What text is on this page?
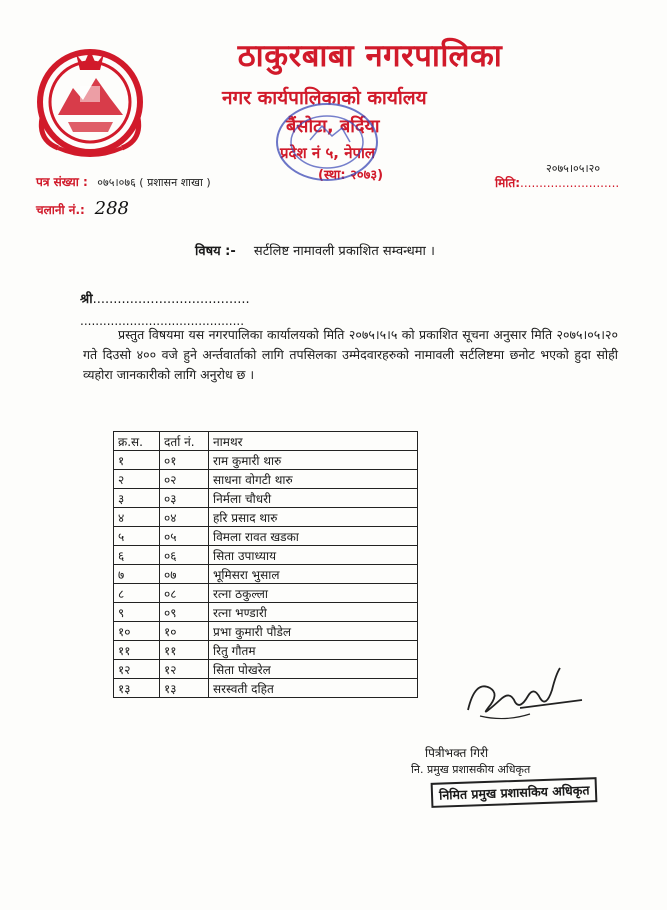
ठाकुरबाबा नगरपालिका
नगर कार्यपालिकाको कार्यालय
बैंसोटा, बर्दिया
प्रदेश नं ५, नेपाल
(स्था: २०७३)
पत्र संख्या : ०७५।०७६ ( प्रशासन शाखा )
२०७५।०५।२०
मिति:..........................
चलानी नं.: 288
विषय :- सर्टलिष्ट नामावली प्रकाशित सम्वन्धमा ।
श्री......................................
...........................................
प्रस्तुत विषयमा यस नगरपालिका कार्यालयको मिति २०७५।५।५ को प्रकाशित सूचना अनुसार मिति २०७५।०५।२० गते दिउसो ४०० वजे हुने अर्न्तवार्ताको लागि तपसिलका उम्मेदवारहरुको नामावली सर्टलिष्टमा छनोट भएको हुदा सोही व्यहोरा जानकारीको लागि अनुरोध छ ।
क्र.स.	दर्ता नं.	नामथर
१	०१	राम कुमारी थारु
२	०२	साधना वोगटी थारु
३	०३	निर्मला चौधरी
४	०४	हरि प्रसाद थारु
५	०५	विमला रावत खडका
६	०६	सिता उपाध्याय
७	०७	भूमिसरा भुसाल
८	०८	रत्ना ठकुल्ला
९	०९	रत्ना भण्डारी
१०	१०	प्रभा कुमारी पौडेल
११	११	रितु गौतम
१२	१२	सिता पोखरेल
१३	१३	सरस्वती दहित
पित्रीभक्त गिरी
नि. प्रमुख प्रशासकीय अधिकृत
निमित प्रमुख प्रशासकिय अधिकृत
